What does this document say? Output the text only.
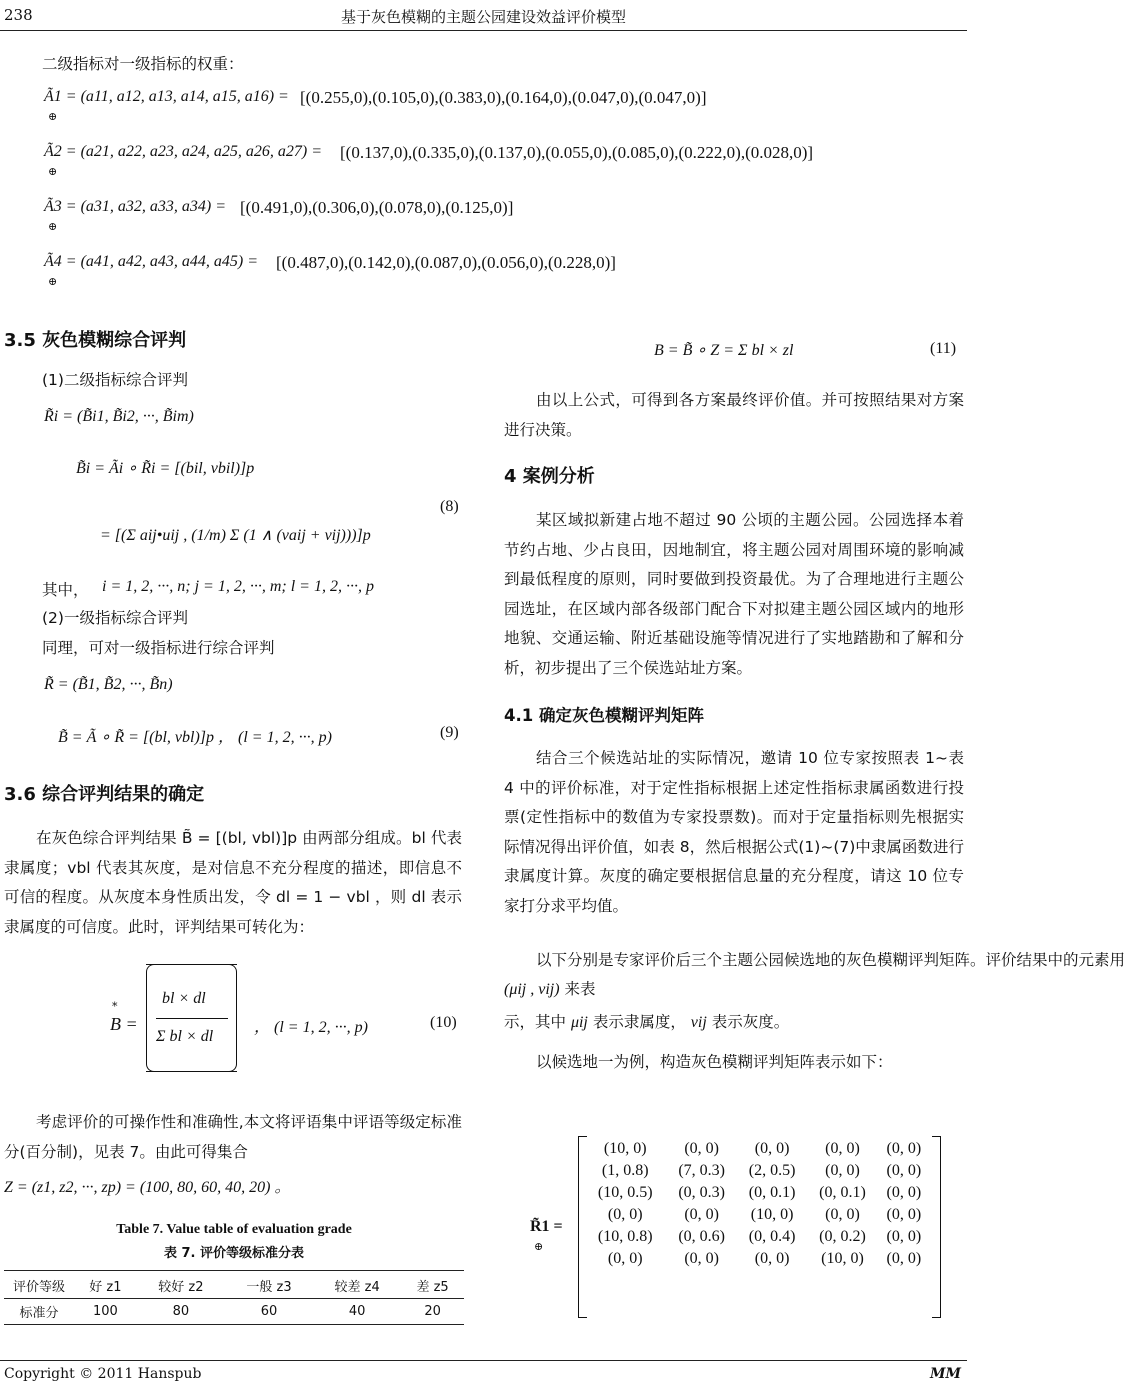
238	基于灰色模糊的主题公园建设效益评价模型
二级指标对一级指标的权重：
Ã1 = (a11, a12, a13, a14, a15, a16) = [(0.255,0),(0.105,0),(0.383,0),(0.164,0),(0.047,0),(0.047,0)]
⊕
Ã2 = (a21, a22, a23, a24, a25, a26, a27) = [(0.137,0),(0.335,0),(0.137,0),(0.055,0),(0.085,0),(0.222,0),(0.028,0)]
⊕
Ã3 = (a31, a32, a33, a34) = [(0.491,0),(0.306,0),(0.078,0),(0.125,0)]
⊕
Ã4 = (a41, a42, a43, a44, a45) = [(0.487,0),(0.142,0),(0.087,0),(0.056,0),(0.228,0)]
⊕
3.5 灰色模糊综合评判
(1)二级指标综合评判
R̃i = (B̃i1, B̃i2, ···, B̃im)
B̃i = Ãi ∘ R̃i = [(bil, vbil)]p
= [(Σ aij•uij , (1/m) Σ (1 ∧ (vaij + vij)))]p
(8)
其中， i = 1, 2, ···, n; j = 1, 2, ···, m; l = 1, 2, ···, p
(2)一级指标综合评判
同理，可对一级指标进行综合评判
R̃ = (B̃1, B̃2, ···, B̃n)
B̃ = Ã ∘ R̃ = [(bl, vbl)]p ， (l = 1, 2, ···, p)	(9)
3.6 综合评判结果的确定
在灰色综合评判结果 B̃ = [(bl, vbl)]p 由两部分组成。bl 代表隶属度；vbl 代表其灰度，是对信息不充分程度的描述，即信息不可信的程度。从灰度本身性质出发，令 dl = 1 − vbl ，则 dl 表示隶属度的可信度。此时，评判结果可转化为：
B =
*	bl × dl
Σ bl × dl
， (l = 1, 2, ···, p)	(10)
考虑评价的可操作性和准确性,本文将评语集中评语等级定标准分(百分制)，见表 7。由此可得集合
Z = (z1, z2, ···, zp) = (100, 80, 60, 40, 20) 。
Table 7. Value table of evaluation grade
表 7. 评价等级标准分表
评价等级	好 z1	较好 z2	一般 z3	较差 z4	差 z5
标准分	100	80	60	40	20
B = B̃ ∘ Z = Σ bl × zl	(11)
由以上公式，可得到各方案最终评价值。并可按照结果对方案进行决策。
4 案例分析
某区域拟新建占地不超过 90 公顷的主题公园。公园选择本着节约占地、少占良田，因地制宜，将主题公园对周围环境的影响减到最低程度的原则，同时要做到投资最优。为了合理地进行主题公园选址，在区域内部各级部门配合下对拟建主题公园区域内的地形地貌、交通运输、附近基础设施等情况进行了实地踏勘和了解和分析，初步提出了三个侯选站址方案。
4.1 确定灰色模糊评判矩阵
结合三个候选站址的实际情况，邀请 10 位专家按照表 1~表 4 中的评价标准，对于定性指标根据上述定性指标隶属函数进行投票(定性指标中的数值为专家投票数)。而对于定量指标则先根据实际情况得出评价值，如表 8，然后根据公式(1)~(7)中隶属函数进行隶属度计算。灰度的确定要根据信息量的充分程度，请这 10 位专家打分求平均值。
以下分别是专家评价后三个主题公园候选地的灰色模糊评判矩阵。评价结果中的元素用
(μij , vij) 来表
示，其中 μij 表示隶属度， vij 表示灰度。
以候选地一为例，构造灰色模糊评判矩阵表示如下：
R̃1 =
⊕
(10, 0)	(0, 0)	(0, 0)	(0, 0)	(0, 0)
(1, 0.8)	(7, 0.3)	(2, 0.5)	(0, 0)	(0, 0)
(10, 0.5)	(0, 0.3)	(0, 0.1)	(0, 0.1)	(0, 0)
(0, 0)	(0, 0)	(10, 0)	(0, 0)	(0, 0)
(10, 0.8)	(0, 0.6)	(0, 0.4)	(0, 0.2)	(0, 0)
(0, 0)	(0, 0)	(0, 0)	(10, 0)	(0, 0)
Copyright © 2011 Hanspub	MM
